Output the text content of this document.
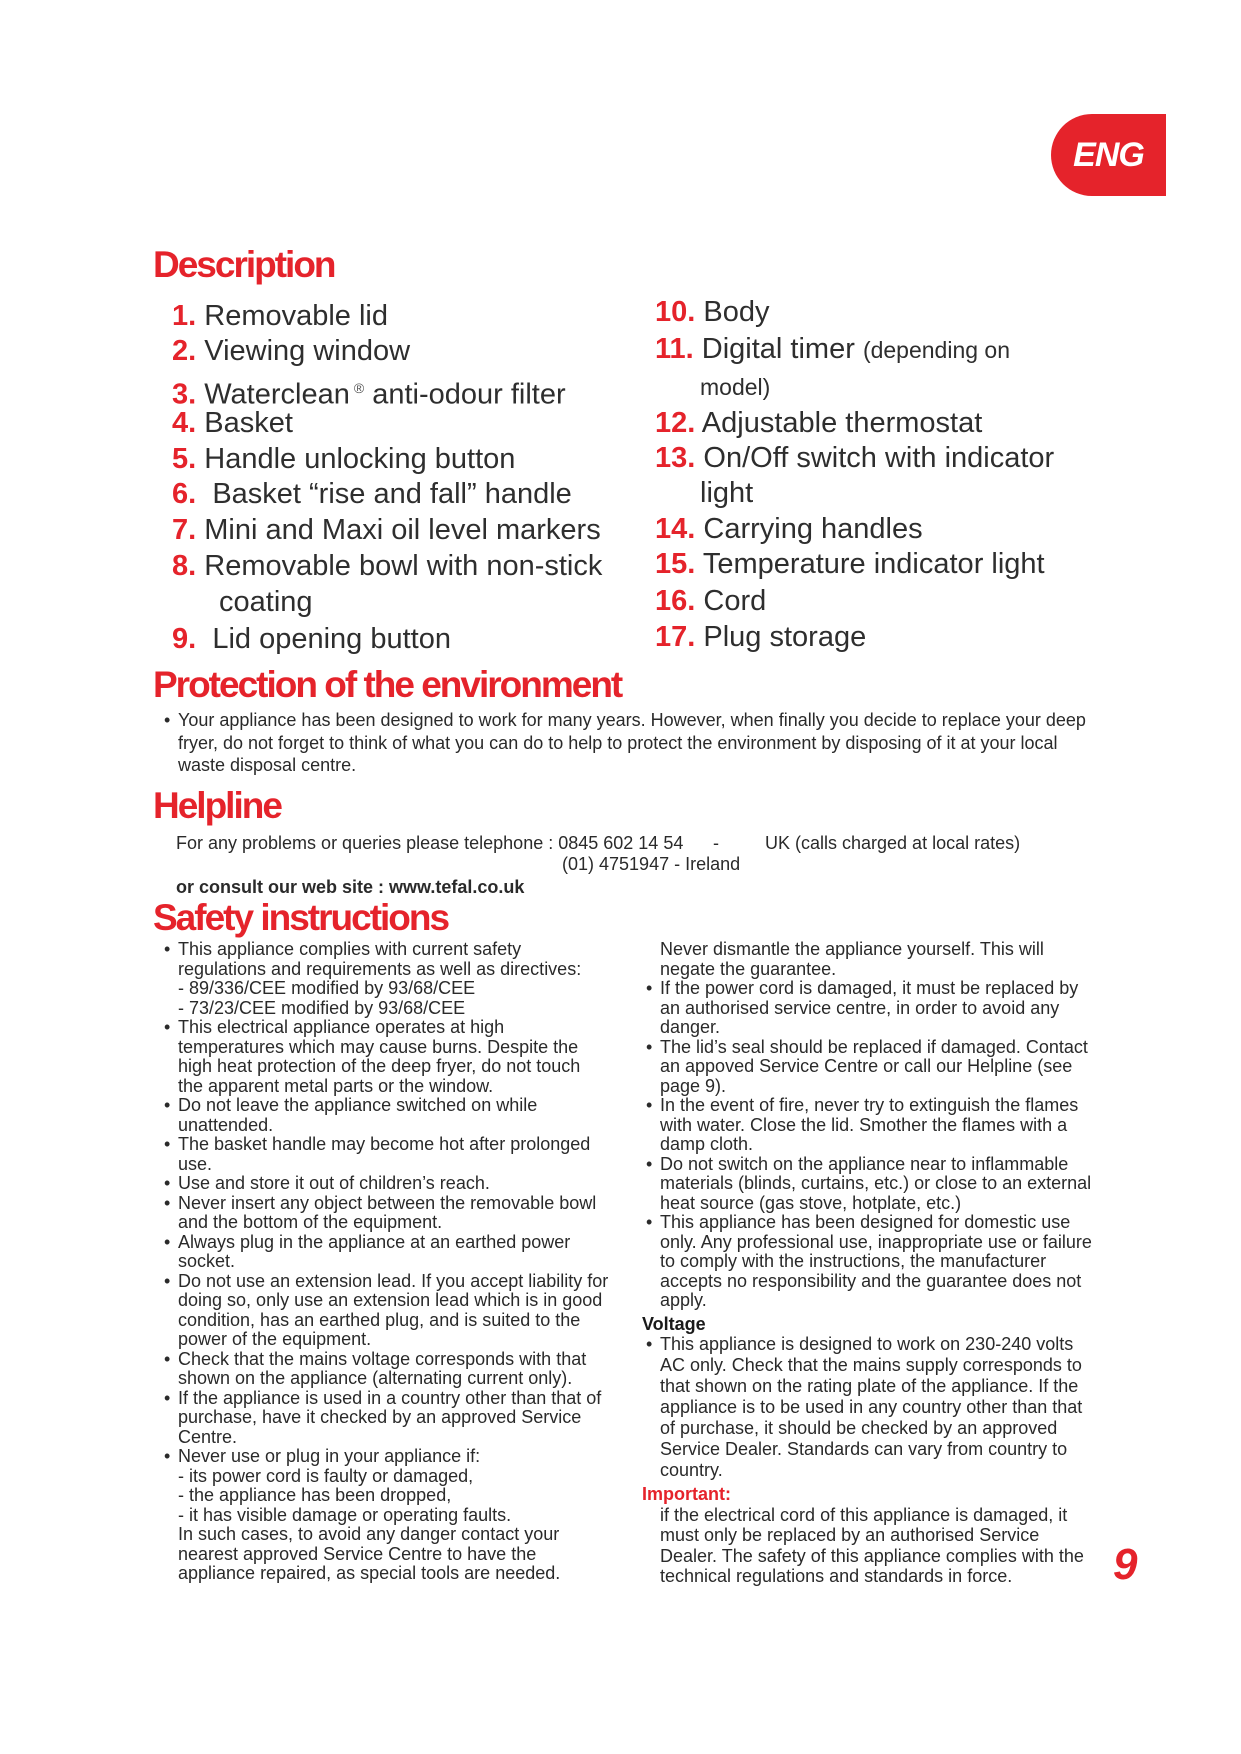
ENG
Description
1. Removable lid
2. Viewing window
3. Waterclean ® anti-odour filter
4. Basket
5. Handle unlocking button
6. Basket “rise and fall” handle
7. Mini and Maxi oil level markers
8. Removable bowl with non-stick
coating
9. Lid opening button
10. Body
11. Digital timer (depending on
model)
12. Adjustable thermostat
13. On/Off switch with indicator
light
14. Carrying handles
15. Temperature indicator light
16. Cord
17. Plug storage
Protection of the environment
• Your appliance has been designed to work for many years. However, when finally you decide to replace your deep fryer, do not forget to think of what you can do to help to protect the environment by disposing of it at your local waste disposal centre.
Helpline
For any problems or queries please telephone : 0845 602 14 54 -	UK (calls charged at local rates)
(01) 4751947 - Ireland
or consult our web site : www.tefal.co.uk
Safety instructions
• This appliance complies with current safety regulations and requirements as well as directives:
- 89/336/CEE modified by 93/68/CEE
- 73/23/CEE modified by 93/68/CEE
• This electrical appliance operates at high temperatures which may cause burns. Despite the high heat protection of the deep fryer, do not touch the apparent metal parts or the window.
• Do not leave the appliance switched on while unattended.
• The basket handle may become hot after prolonged use.
• Use and store it out of children’s reach.
• Never insert any object between the removable bowl and the bottom of the equipment.
• Always plug in the appliance at an earthed power socket.
• Do not use an extension lead. If you accept liability for doing so, only use an extension lead which is in good condition, has an earthed plug, and is suited to the power of the equipment.
• Check that the mains voltage corresponds with that shown on the appliance (alternating current only).
• If the appliance is used in a country other than that of purchase, have it checked by an approved Service Centre.
• Never use or plug in your appliance if:
- its power cord is faulty or damaged,
- the appliance has been dropped,
- it has visible damage or operating faults.
In such cases, to avoid any danger contact your nearest approved Service Centre to have the appliance repaired, as special tools are needed.
Never dismantle the appliance yourself. This will negate the guarantee.
• If the power cord is damaged, it must be replaced by an authorised service centre, in order to avoid any danger.
• The lid’s seal should be replaced if damaged. Contact an appoved Service Centre or call our Helpline (see page 9).
• In the event of fire, never try to extinguish the flames with water. Close the lid. Smother the flames with a damp cloth.
• Do not switch on the appliance near to inflammable materials (blinds, curtains, etc.) or close to an external heat source (gas stove, hotplate, etc.)
• This appliance has been designed for domestic use only. Any professional use, inappropriate use or failure to comply with the instructions, the manufacturer accepts no responsibility and the guarantee does not apply.
Voltage
• This appliance is designed to work on 230-240 volts AC only. Check that the mains supply corresponds to that shown on the rating plate of the appliance. If the appliance is to be used in any country other than that of purchase, it should be checked by an approved Service Dealer. Standards can vary from country to country.
Important:
if the electrical cord of this appliance is damaged, it must only be replaced by an authorised Service Dealer. The safety of this appliance complies with the technical regulations and standards in force.	9
